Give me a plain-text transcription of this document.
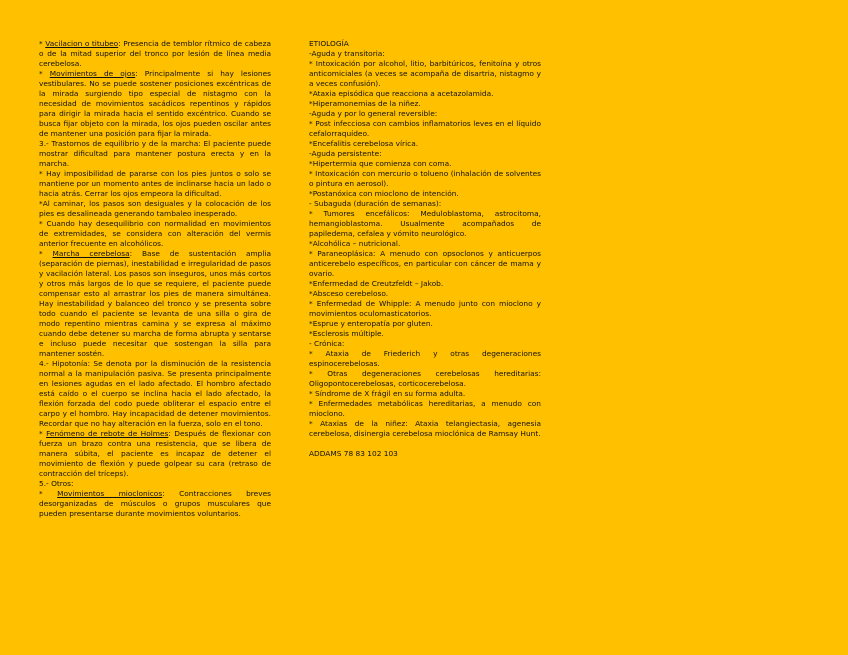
* Vacilacion o titubeo: Presencia de temblor rítmico de cabeza o de la mitad superior del tronco por lesión de línea media cerebelosa.

* Movimientos de ojos: Principalmente si hay lesiones vestibulares. No se puede sostener posiciones excéntricas de la mirada surgiendo tipo especial de nistagmo con la necesidad de movimientos sacádicos repentinos y rápidos para dirigir la mirada hacia el sentido excéntrico. Cuando se busca fijar objeto con la mirada, los ojos pueden oscilar antes de mantener una posición para fijar la mirada.

3.- Trastornos de equilibrio y de la marcha: El paciente puede mostrar dificultad para mantener postura erecta y en la marcha.

* Hay imposibilidad de pararse con los pies juntos o solo se mantiene por un momento antes de inclinarse hacia un lado o hacia atrás. Cerrar los ojos empeora la dificultad.

*Al caminar, los pasos son desiguales y la colocación de los pies es desalineada generando tambaleo inesperado.

* Cuando hay desequilibrio con normalidad en movimientos de extremidades, se considera con alteración del vermis anterior frecuente en alcohólicos.

* Marcha cerebelosa: Base de sustentación amplia (separación de piernas), inestabilidad e irregularidad de pasos y vacilación lateral. Los pasos son inseguros, unos más cortos y otros más largos de lo que se requiere, el paciente puede compensar esto al arrastrar los pies de manera simultánea. Hay inestabilidad y balanceo del tronco y se presenta sobre todo cuando el paciente se levanta de una silla o gira de modo repentino mientras camina y se expresa al máximo cuando debe detener su marcha de forma abrupta y sentarse e incluso puede necesitar que sostengan la silla para mantener sostén.

4.- Hipotonía: Se denota por la disminución de la resistencia normal a la manipulación pasiva. Se presenta principalmente en lesiones agudas en el lado afectado. El hombro afectado está caído o el cuerpo se inclina hacia el lado afectado, la flexión forzada del codo puede obliterar el espacio entre el carpo y el hombro. Hay incapacidad de detener movimientos. Recordar que no hay alteración en la fuerza, solo en el tono.

* Fenómeno de rebote de Holmes: Después de flexionar con fuerza un brazo contra una resistencia, que se libera de manera súbita, el paciente es incapaz de detener el movimiento de flexión y puede golpear su cara (retraso de contracción del tríceps).

5.- Otros:

* Movimientos mioclonicos: Contracciones breves desorganizadas de músculos o grupos musculares que pueden presentarse durante movimientos voluntarios.

ETIOLOGÍA

-Aguda y transitoria:

* Intoxicación por alcohol, litio, barbitúricos, fenitoína y otros anticomiciales (a veces se acompaña de disartria, nistagmo y a veces confusión).

*Ataxia episódica que reacciona a acetazolamida.

*Hiperamonemias de la niñez.

-Aguda y por lo general reversible:

* Post infecciosa con cambios inflamatorios leves en el líquido cefalorraquídeo.

*Encefalitis cerebelosa vírica.

-Aguda persistente:

*Hipertermia que comienza con coma.

* Intoxicación con mercurio o tolueno (inhalación de solventes o pintura en aerosol).

*Postanóxica con mioclono de intención.

- Subaguda (duración de semanas):

* Tumores encefálicos: Meduloblastoma, astrocitoma, hemangioblastoma. Usualmente acompañados de papiledema, cefalea y vómito neurológico.

*Alcohólica – nutricional.

* Paraneoplásica: A menudo con opsoclonos y anticuerpos anticerebelo específicos, en particular con cáncer de mama y ovario.

*Enfermedad de Creutzfeldt – Jakob.

*Absceso cerebeloso.

* Enfermedad de Whipple: A menudo junto con mioclono y movimientos oculomasticatorios.

*Esprue y enteropatía por gluten.

*Esclerosis múltiple.

- Crónica:

* Ataxia de Friederich y otras degeneraciones espinocerebelosas.

* Otras degeneraciones cerebelosas hereditarias: Oligopontocerebelosas, corticocerebelosa.

* Síndrome de X frágil en su forma adulta.

* Enfermedades metabólicas hereditarias, a menudo con mioclono.

* Ataxias de la niñez: Ataxia telangiectasia, agenesia cerebelosa, disinergia cerebelosa mioclónica de Ramsay Hunt.

ADDAMS 78 83 102 103
